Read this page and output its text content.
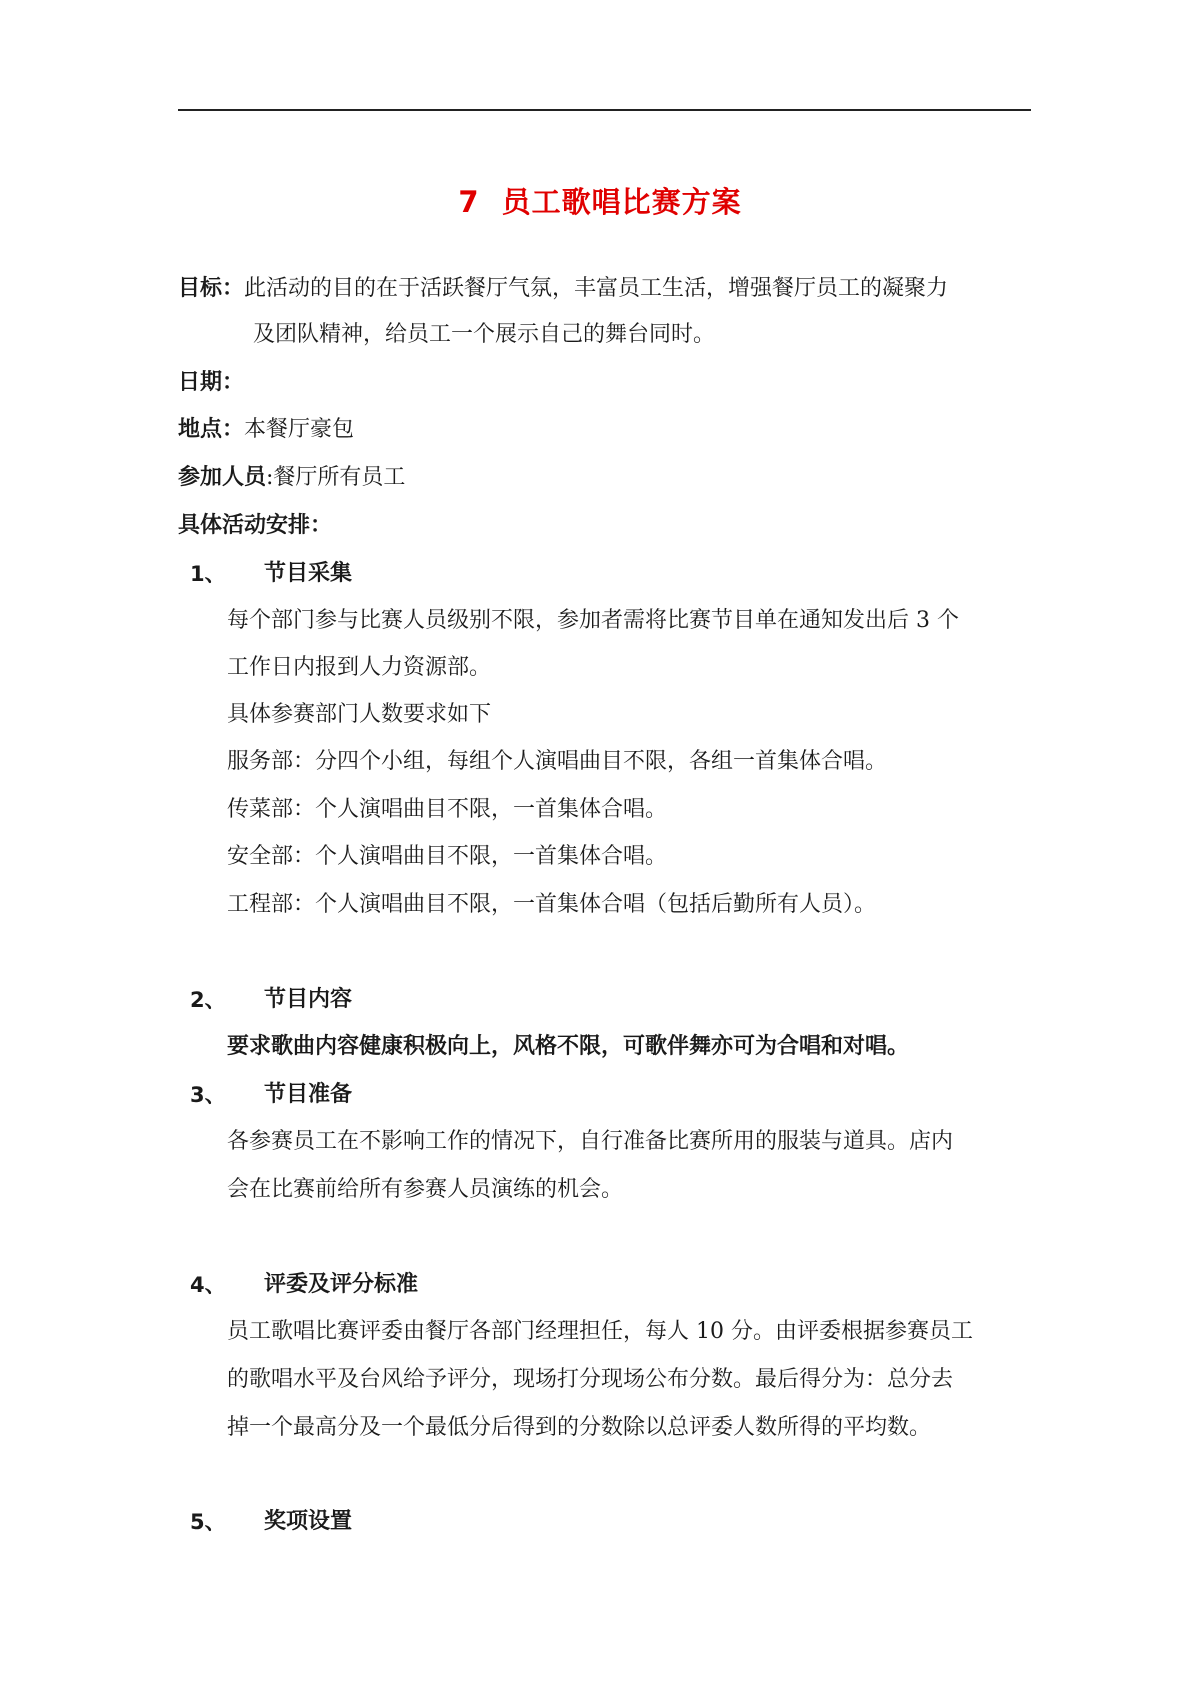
7  员工歌唱比赛方案
目标：此活动的目的在于活跃餐厅气氛，丰富员工生活，增强餐厅员工的凝聚力
及团队精神，给员工一个展示自己的舞台同时。
日期：
地点：本餐厅豪包
参加人员:餐厅所有员工
具体活动安排：
1、 节目采集
每个部门参与比赛人员级别不限，参加者需将比赛节目单在通知发出后 3 个
工作日内报到人力资源部。
具体参赛部门人数要求如下
服务部：分四个小组，每组个人演唱曲目不限，各组一首集体合唱。
传菜部：个人演唱曲目不限，一首集体合唱。
安全部：个人演唱曲目不限，一首集体合唱。
工程部：个人演唱曲目不限，一首集体合唱（包括后勤所有人员）。
2、 节目内容
要求歌曲内容健康积极向上，风格不限，可歌伴舞亦可为合唱和对唱。
3、 节目准备
各参赛员工在不影响工作的情况下，自行准备比赛所用的服装与道具。店内
会在比赛前给所有参赛人员演练的机会。
4、 评委及评分标准
员工歌唱比赛评委由餐厅各部门经理担任，每人 10 分。由评委根据参赛员工
的歌唱水平及台风给予评分，现场打分现场公布分数。最后得分为：总分去
掉一个最高分及一个最低分后得到的分数除以总评委人数所得的平均数。
5、 奖项设置
